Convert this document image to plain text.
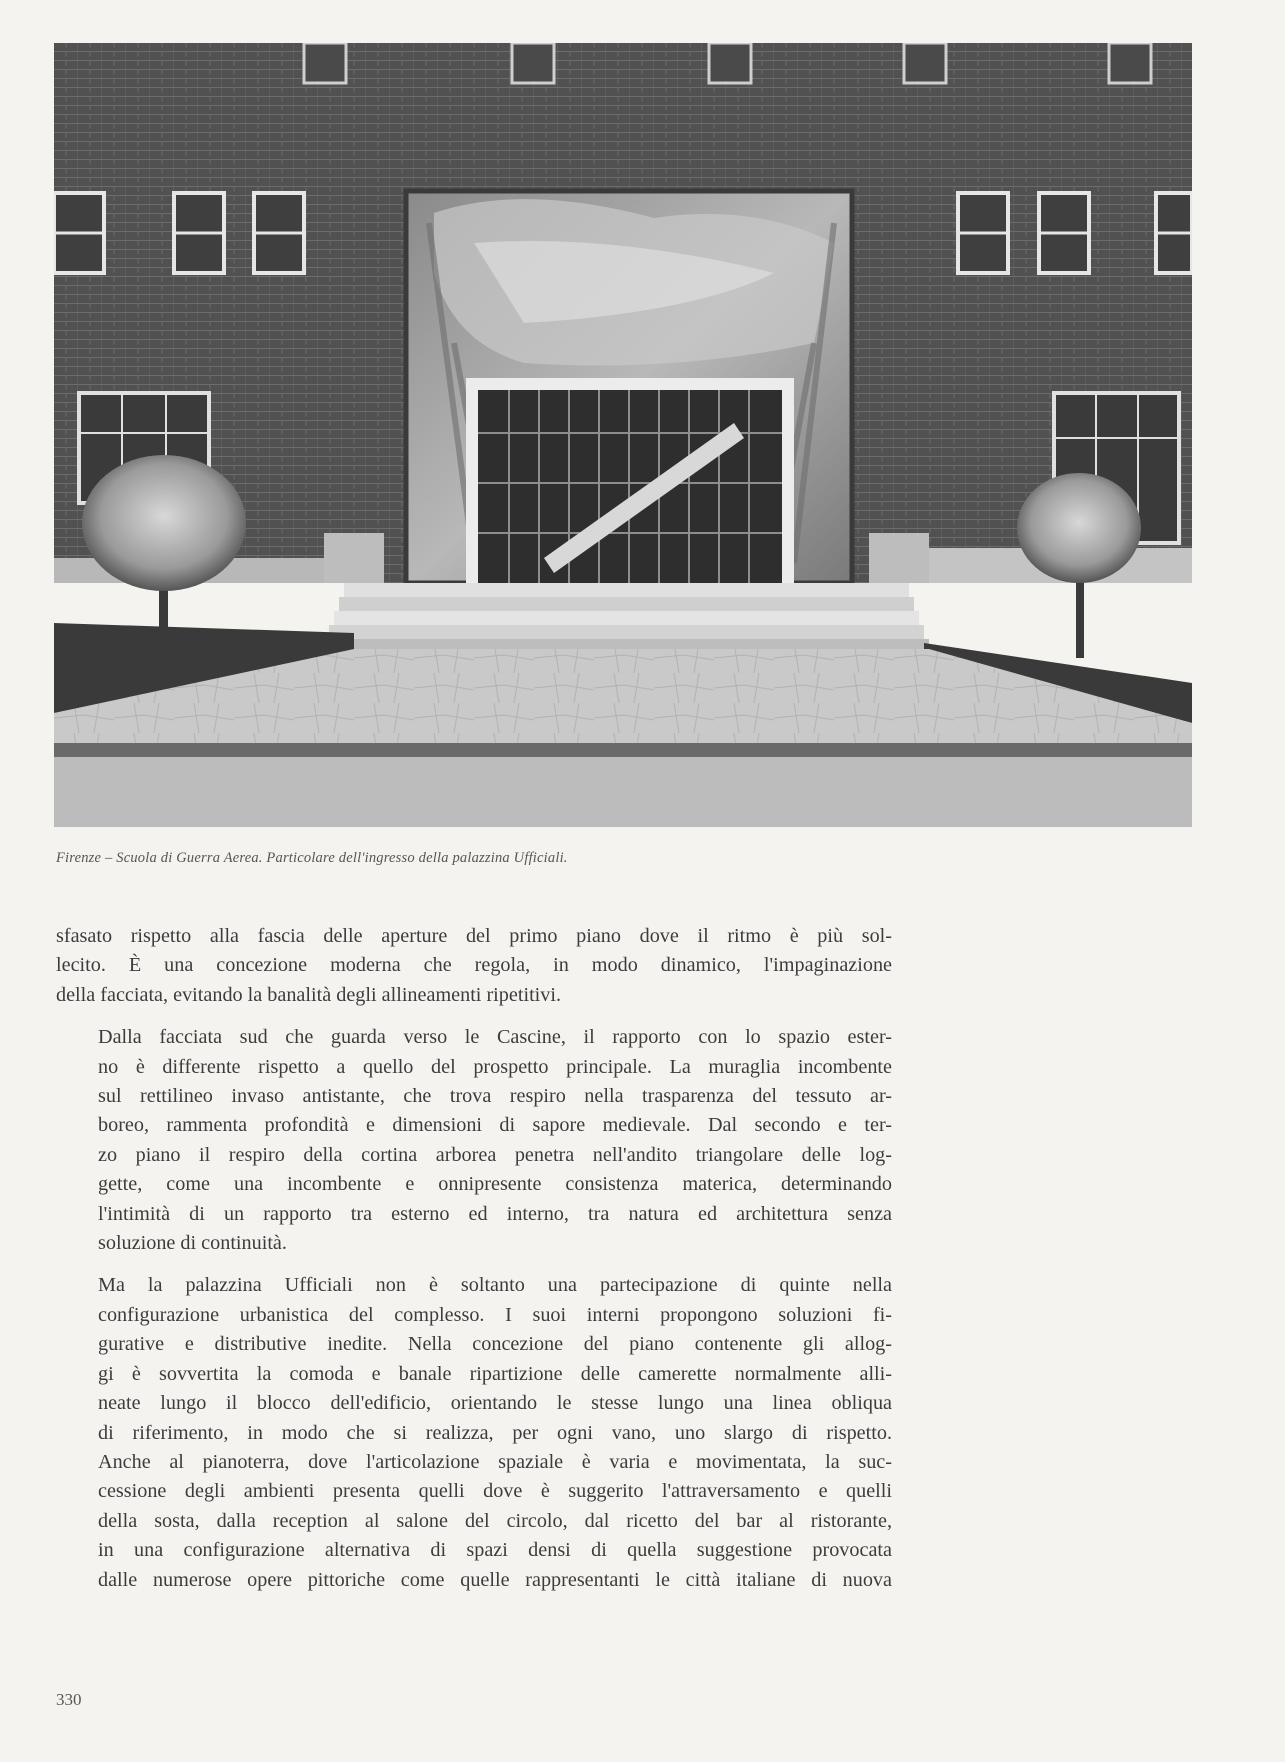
Firenze – Scuola di Guerra Aerea. Particolare dell'ingresso della palazzina Ufficiali.

sfasato rispetto alla fascia delle aperture del primo piano dove il ritmo è più sol-
lecito. È una concezione moderna che regola, in modo dinamico, l'impaginazione
della facciata, evitando la banalità degli allineamenti ripetitivi.

Dalla facciata sud che guarda verso le Cascine, il rapporto con lo spazio ester-
no è differente rispetto a quello del prospetto principale. La muraglia incombente
sul rettilineo invaso antistante, che trova respiro nella trasparenza del tessuto ar-
boreo, rammenta profondità e dimensioni di sapore medievale. Dal secondo e ter-
zo piano il respiro della cortina arborea penetra nell'andito triangolare delle log-
gette, come una incombente e onnipresente consistenza materica, determinando
l'intimità di un rapporto tra esterno ed interno, tra natura ed architettura senza
soluzione di continuità.

Ma la palazzina Ufficiali non è soltanto una partecipazione di quinte nella
configurazione urbanistica del complesso. I suoi interni propongono soluzioni fi-
gurative e distributive inedite. Nella concezione del piano contenente gli allog-
gi è sovvertita la comoda e banale ripartizione delle camerette normalmente alli-
neate lungo il blocco dell'edificio, orientando le stesse lungo una linea obliqua
di riferimento, in modo che si realizza, per ogni vano, uno slargo di rispetto.
Anche al pianoterra, dove l'articolazione spaziale è varia e movimentata, la suc-
cessione degli ambienti presenta quelli dove è suggerito l'attraversamento e quelli
della sosta, dalla reception al salone del circolo, dal ricetto del bar al ristorante,
in una configurazione alternativa di spazi densi di quella suggestione provocata
dalle numerose opere pittoriche come quelle rappresentanti le città italiane di nuova

330
